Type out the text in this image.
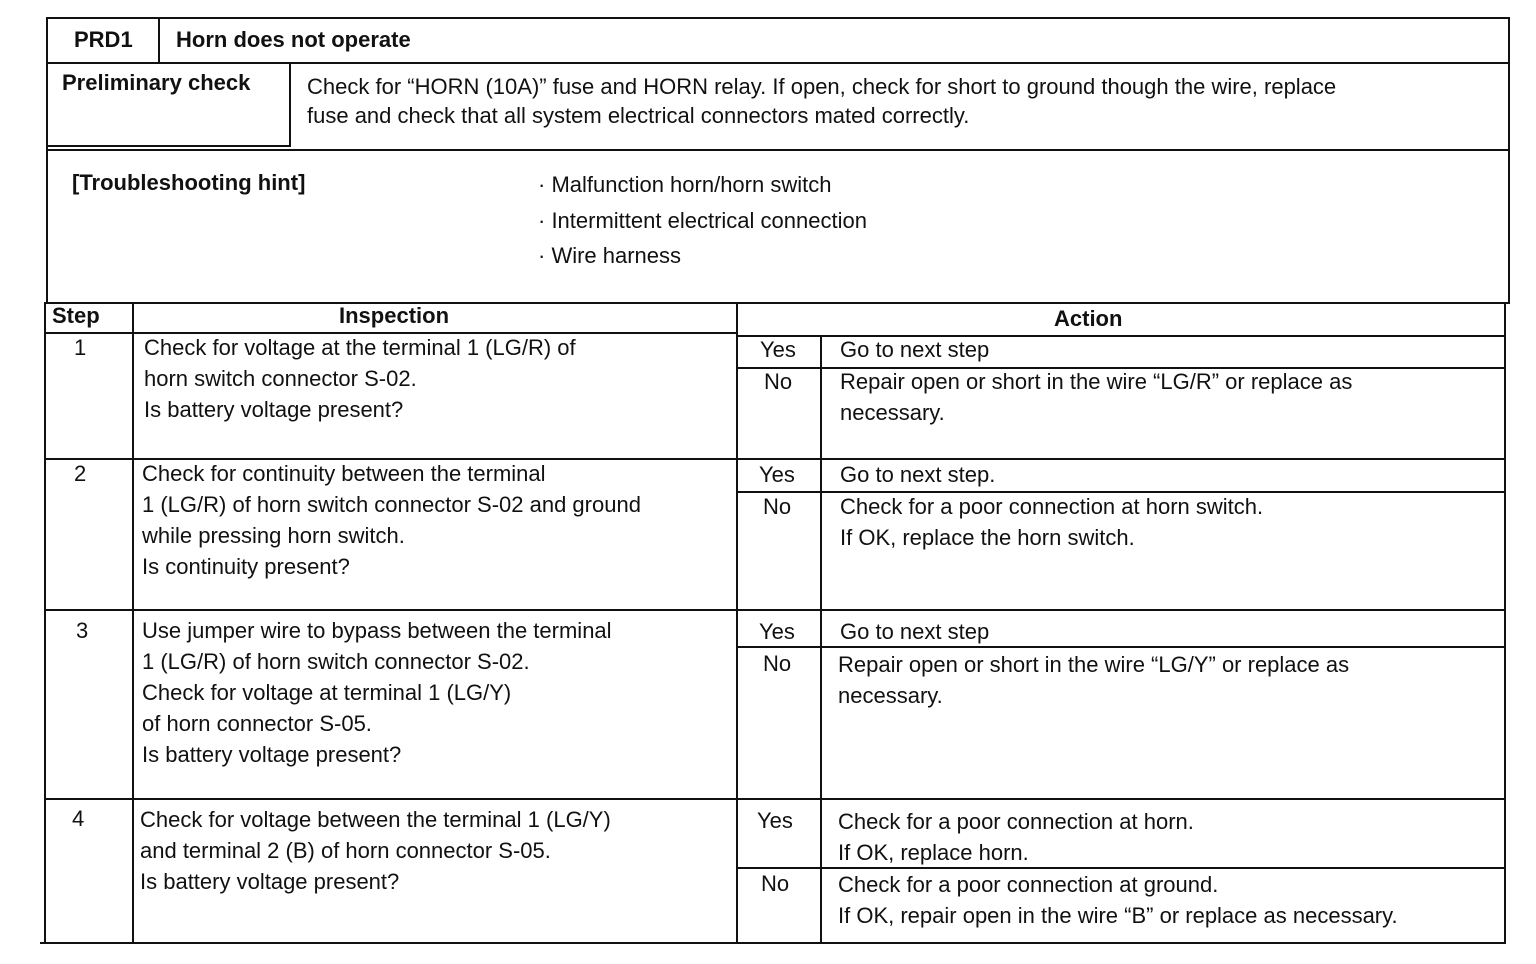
PRD1 Horn does not operate
Preliminary check	Check for “HORN (10A)” fuse and HORN relay. If open, check for short to ground though the wire, replace
fuse and check that all system electrical connectors mated correctly.
[Troubleshooting hint]	· Malfunction horn/horn switch
· Intermittent electrical connection
· Wire harness
Step	Inspection	Action
1	Check for voltage at the terminal 1 (LG/R) of
horn switch connector S-02.
Is battery voltage present?
Yes Go to next step
No Repair open or short in the wire “LG/R” or replace as
necessary.
2	Check for continuity between the terminal
1 (LG/R) of horn switch connector S-02 and ground
while pressing horn switch.
Is continuity present?
Yes Go to next step.
No Check for a poor connection at horn switch.
If OK, replace the horn switch.
3 Use jumper wire to bypass between the terminal
1 (LG/R) of horn switch connector S-02.
Check for voltage at terminal 1 (LG/Y)
of horn connector S-05.
Is battery voltage present?
Yes Go to next step
No Repair open or short in the wire “LG/Y” or replace as
necessary.
4	Check for voltage between the terminal 1 (LG/Y)
and terminal 2 (B) of horn connector S-05.
Is battery voltage present?
Yes Check for a poor connection at horn.
If OK, replace horn.
No Check for a poor connection at ground.
If OK, repair open in the wire “B” or replace as necessary.
